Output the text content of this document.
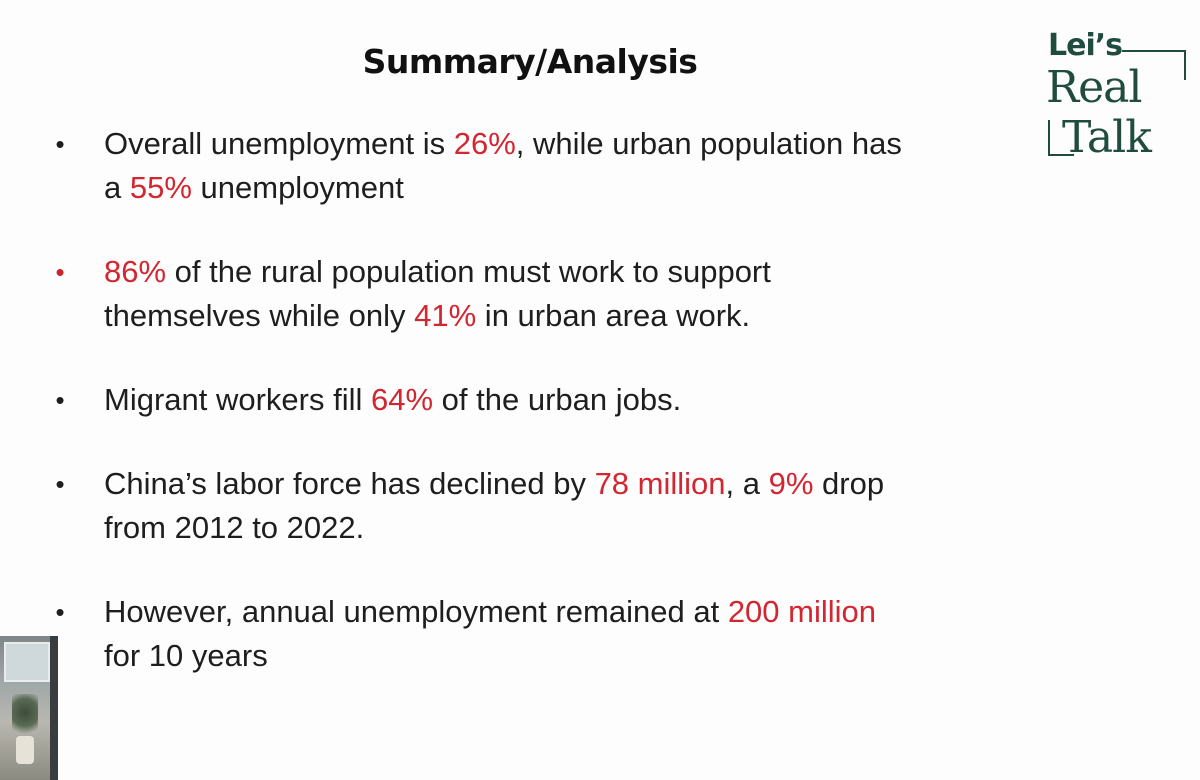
Summary/Analysis
• Overall unemployment is 26%, while urban population has
a 55% unemployment
• 86% of the rural population must work to support
themselves while only 41% in urban area work.
• Migrant workers fill 64% of the urban jobs.
• China’s labor force has declined by 78 million, a 9% drop
from 2012 to 2022.
• However, annual unemployment remained at 200 million
for 10 years
Lei’s
Real
Talk
